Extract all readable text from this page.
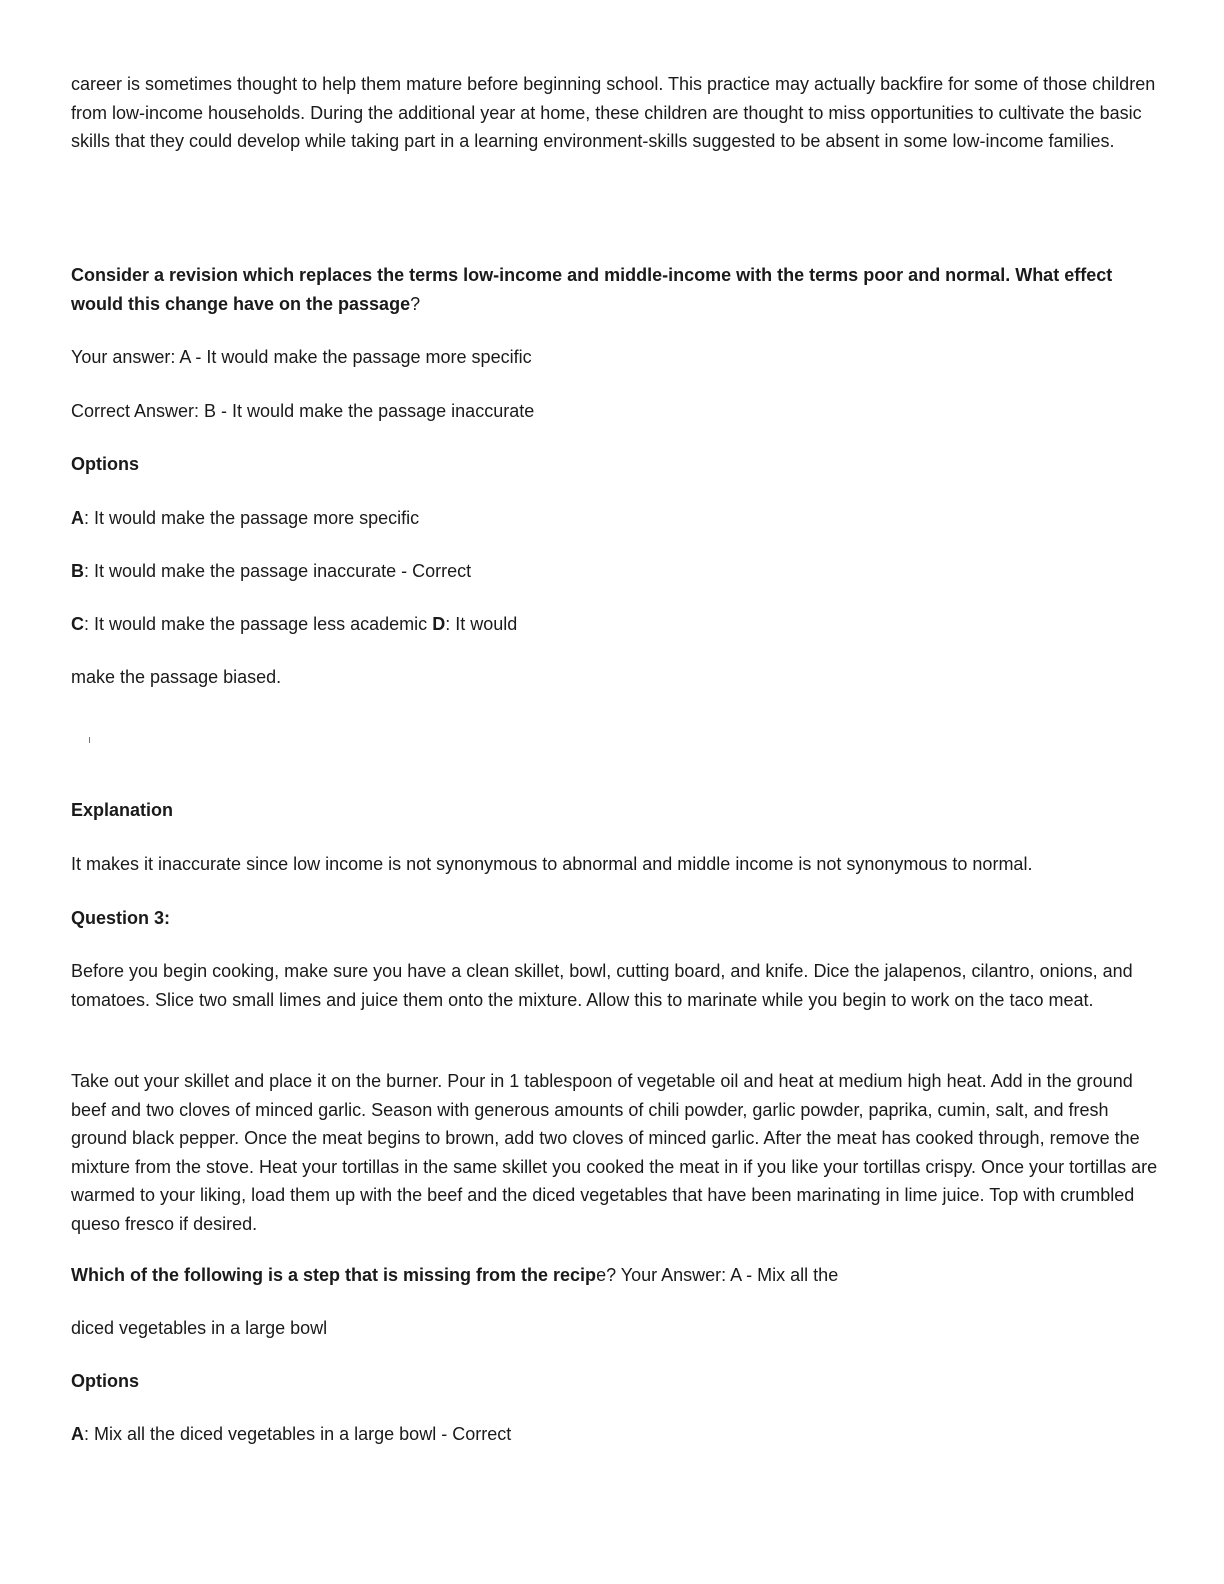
career is sometimes thought to help them mature before beginning school. This practice may actually backfire for some of those children from low-income households. During the additional year at home, these children are thought to miss opportunities to cultivate the basic skills that they could develop while taking part in a learning environment-skills suggested to be absent in some low-income families.

Consider a revision which replaces the terms low-income and middle-income with the terms poor and normal. What effect would this change have on the passage?

Your answer: A - It would make the passage more specific

Correct Answer: B - It would make the passage inaccurate

Options

A: It would make the passage more specific

B: It would make the passage inaccurate - Correct

C: It would make the passage less academic D: It would

make the passage biased.

Explanation

It makes it inaccurate since low income is not synonymous to abnormal and middle income is not synonymous to normal.

Question 3:

Before you begin cooking, make sure you have a clean skillet, bowl, cutting board, and knife. Dice the jalapenos, cilantro, onions, and tomatoes. Slice two small limes and juice them onto the mixture. Allow this to marinate while you begin to work on the taco meat.

Take out your skillet and place it on the burner. Pour in 1 tablespoon of vegetable oil and heat at medium high heat. Add in the ground beef and two cloves of minced garlic. Season with generous amounts of chili powder, garlic powder, paprika, cumin, salt, and fresh ground black pepper. Once the meat begins to brown, add two cloves of minced garlic. After the meat has cooked through, remove the mixture from the stove. Heat your tortillas in the same skillet you cooked the meat in if you like your tortillas crispy. Once your tortillas are warmed to your liking, load them up with the beef and the diced vegetables that have been marinating in lime juice. Top with crumbled queso fresco if desired.

Which of the following is a step that is missing from the recipe? Your Answer: A - Mix all the

diced vegetables in a large bowl

Options

A: Mix all the diced vegetables in a large bowl - Correct
